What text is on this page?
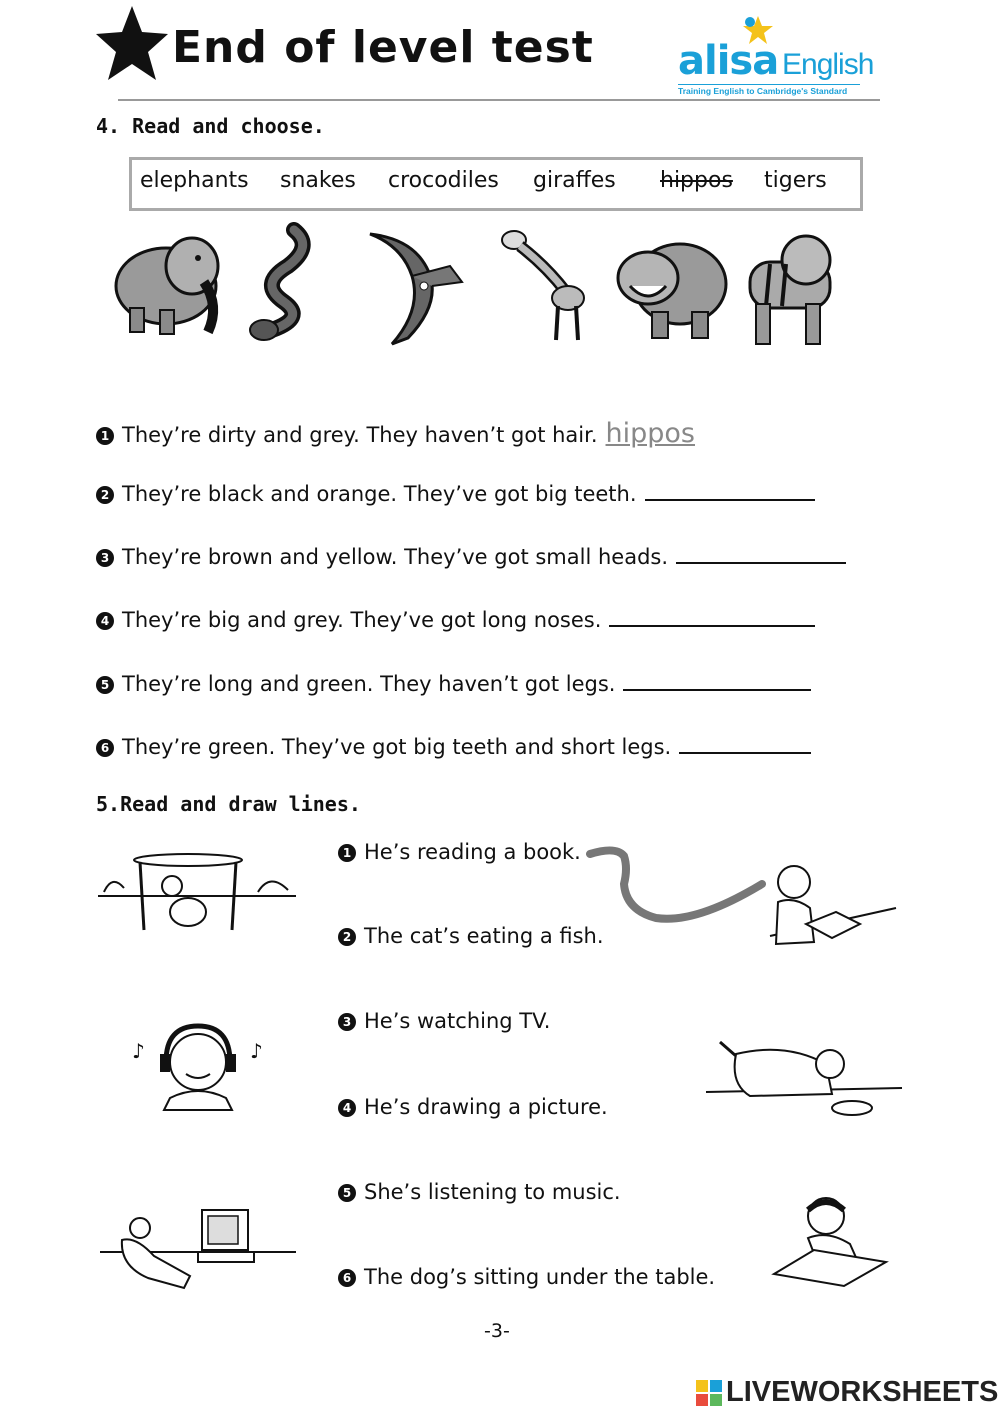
End of level test alisa English
Training English to Cambridge's Standard
4. Read and choose.
elephants snakes crocodiles giraffes hippos tigers
1 They’re dirty and grey. They haven’t got hair. hippos
2 They’re black and orange. They’ve got big teeth.
3 They’re brown and yellow. They’ve got small heads.
4 They’re big and grey. They’ve got long noses.
5 They’re long and green. They haven’t got legs.
6 They’re green. They’ve got big teeth and short legs.
5.Read and draw lines.
♪	♪
1 He’s reading a book.
2 The cat’s eating a fish.
3 He’s watching TV.
4 He’s drawing a picture.
5 She’s listening to music.
6 The dog’s sitting under the table.
-3-
LIVEWORKSHEETS
